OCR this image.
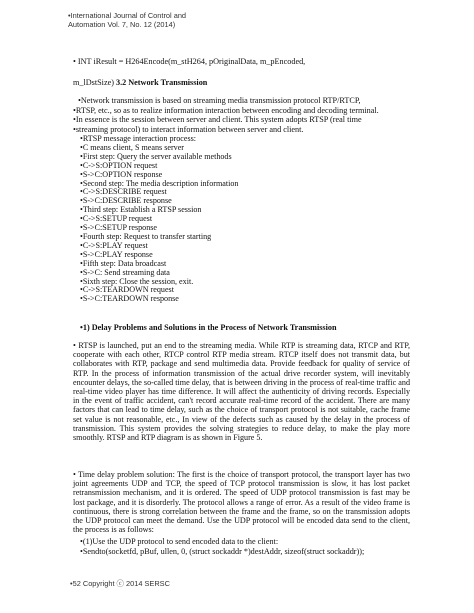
•International Journal of Control and
Automation Vol. 7, No. 12 (2014)
• INT iResult = H264Encode(m_stH264, pOriginalData, m_pEncoded,
m_lDstSize) 3.2 Network Transmission
•Network transmission is based on streaming media transmission protocol RTP/RTCP,
•RTSP, etc., so as to realize information interaction between encoding and decoding terminal.
•In essence is the session between server and client. This system adopts RTSP (real time
•streaming protocol) to interact information between server and client.
•RTSP message interaction process:
•C means client, S means server
•First step: Query the server available methods
•C->S:OPTION request
•S->C:OPTION response
•Second step: The media description information
•C->S:DESCRIBE request
•S->C:DESCRIBE response
•Third step: Establish a RTSP session
•C->S:SETUP request
•S->C:SETUP response
•Fourth step: Request to transfer starting
•C->S:PLAY request
•S->C:PLAY response
•Fifth step: Data broadcast
•S->C: Send streaming data
•Sixth step: Close the session, exit.
•C->S:TEARDOWN request
•S->C:TEARDOWN response
•1) Delay Problems and Solutions in the Process of Network Transmission
• RTSP is launched, put an end to the streaming media. While RTP is streaming data, RTCP and RTP, cooperate with each other, RTCP control RTP media stream. RTCP itself does not transmit data, but collaborates with RTP, package and send multimedia data. Provide feedback for quality of service of RTP. In the process of information transmission of the actual drive recorder system, will inevitably encounter delays, the so-called time delay, that is between driving in the process of real-time traffic and real-time video player has time difference. It will affect the authenticity of driving records. Especially in the event of traffic accident, can't record accurate real-time record of the accident. There are many factors that can lead to time delay, such as the choice of transport protocol is not suitable, cache frame set value is not reasonable, etc., In view of the defects such as caused by the delay in the process of transmission. This system provides the solving strategies to reduce delay, to make the play more smoothly. RTSP and RTP diagram is as shown in Figure 5.
• Time delay problem solution: The first is the choice of transport protocol, the transport layer has two joint agreements UDP and TCP, the speed of TCP protocol transmission is slow, it has lost packet retransmission mechanism, and it is ordered. The speed of UDP protocol transmission is fast may be lost package, and it is disorderly. The protocol allows a range of error. As a result of the video frame is continuous, there is strong correlation between the frame and the frame, so on the transmission adopts the UDP protocol can meet the demand. Use the UDP protocol will be encoded data send to the client, the process is as follows:
•(1)Use the UDP protocol to send encoded data to the client:
•Sendto(socketfd, pBuf, ullen, 0, (struct sockaddr *)destAddr, sizeof(struct sockaddr));
•52 Copyright ⓒ 2014 SERSC
